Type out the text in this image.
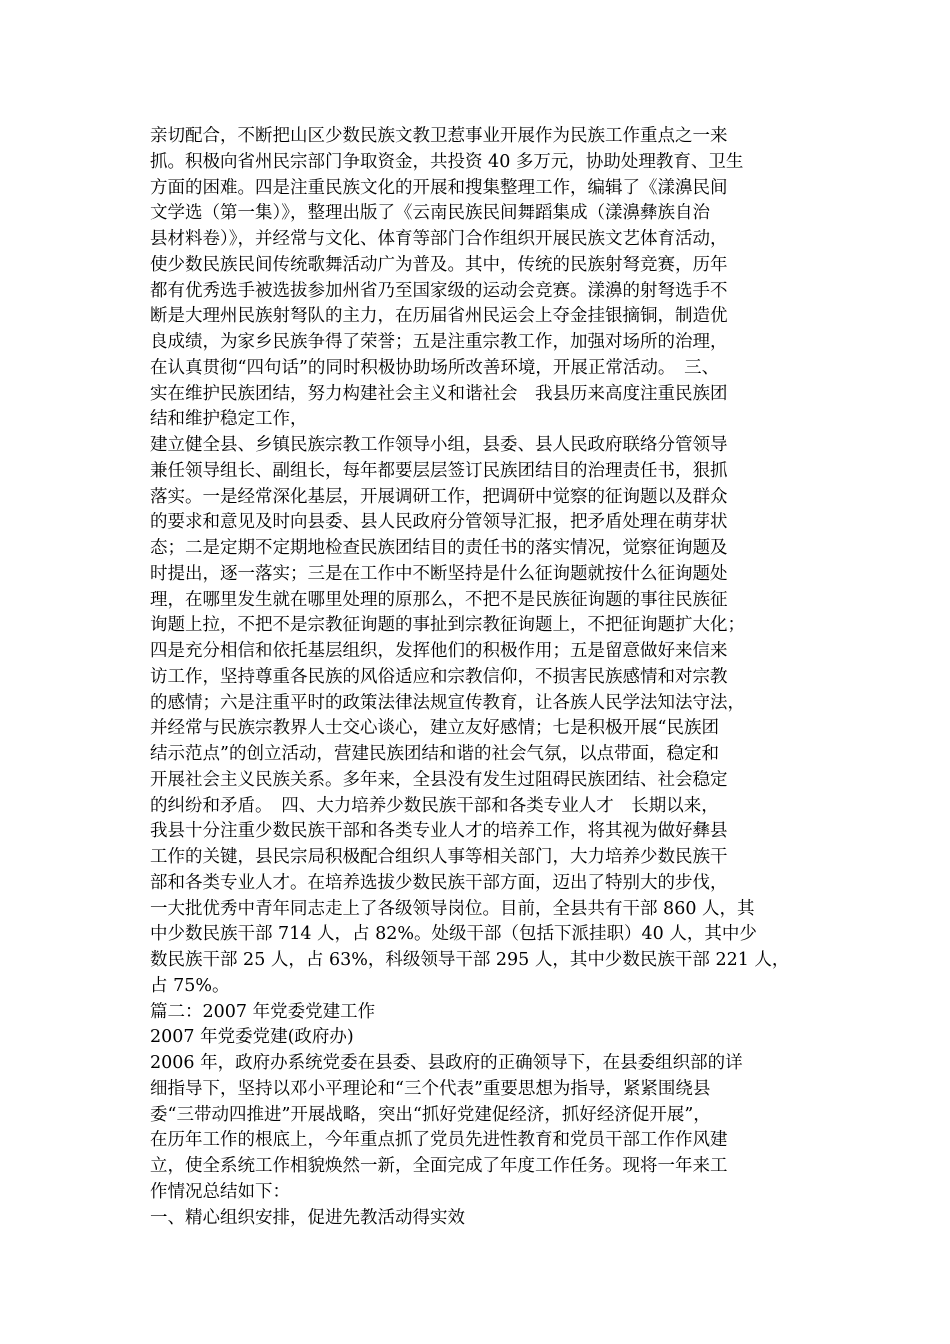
亲切配合，不断把山区少数民族文教卫惹事业开展作为民族工作重点之一来
抓。积极向省州民宗部门争取资金，共投资 40 多万元，协助处理教育、卫生
方面的困难。四是注重民族文化的开展和搜集整理工作，编辑了《漾濞民间
文学选（第一集）》，整理出版了《云南民族民间舞蹈集成（漾濞彝族自治
县材料卷）》，并经常与文化、体育等部门合作组织开展民族文艺体育活动，
使少数民族民间传统歌舞活动广为普及。其中，传统的民族射弩竞赛，历年
都有优秀选手被选拔参加州省乃至国家级的运动会竞赛。漾濞的射弩选手不
断是大理州民族射弩队的主力，在历届省州民运会上夺金挂银摘铜，制造优
良成绩，为家乡民族争得了荣誉；五是注重宗教工作，加强对场所的治理，
在认真贯彻“四句话”的同时积极协助场所改善环境，开展正常活动。　三、
实在维护民族团结，努力构建社会主义和谐社会　我县历来高度注重民族团
结和维护稳定工作，
建立健全县、乡镇民族宗教工作领导小组，县委、县人民政府联络分管领导
兼任领导组长、副组长，每年都要层层签订民族团结目的治理责任书，狠抓
落实。一是经常深化基层，开展调研工作，把调研中觉察的征询题以及群众
的要求和意见及时向县委、县人民政府分管领导汇报，把矛盾处理在萌芽状
态；二是定期不定期地检查民族团结目的责任书的落实情况，觉察征询题及
时提出，逐一落实；三是在工作中不断坚持是什么征询题就按什么征询题处
理，在哪里发生就在哪里处理的原那么，不把不是民族征询题的事往民族征
询题上拉，不把不是宗教征询题的事扯到宗教征询题上，不把征询题扩大化；
四是充分相信和依托基层组织，发挥他们的积极作用；五是留意做好来信来
访工作，坚持尊重各民族的风俗适应和宗教信仰，不损害民族感情和对宗教
的感情；六是注重平时的政策法律法规宣传教育，让各族人民学法知法守法，
并经常与民族宗教界人士交心谈心，建立友好感情；七是积极开展“民族团
结示范点”的创立活动，营建民族团结和谐的社会气氛，以点带面，稳定和
开展社会主义民族关系。多年来，全县没有发生过阻碍民族团结、社会稳定
的纠纷和矛盾。　四、大力培养少数民族干部和各类专业人才　长期以来，
我县十分注重少数民族干部和各类专业人才的培养工作，将其视为做好彝县
工作的关键，县民宗局积极配合组织人事等相关部门，大力培养少数民族干
部和各类专业人才。在培养选拔少数民族干部方面，迈出了特别大的步伐，
一大批优秀中青年同志走上了各级领导岗位。目前，全县共有干部 860 人，其
中少数民族干部 714 人，占 82%。处级干部（包括下派挂职）40 人，其中少
数民族干部 25 人，占 63%，科级领导干部 295 人，其中少数民族干部 221 人，
占 75%。
篇二：2007 年党委党建工作
2007 年党委党建(政府办)
2006 年，政府办系统党委在县委、县政府的正确领导下，在县委组织部的详
细指导下，坚持以邓小平理论和“三个代表”重要思想为指导，紧紧围绕县
委“三带动四推进”开展战略，突出“抓好党建促经济，抓好经济促开展”，
在历年工作的根底上，今年重点抓了党员先进性教育和党员干部工作作风建
立，使全系统工作相貌焕然一新，全面完成了年度工作任务。现将一年来工
作情况总结如下：
一、精心组织安排，促进先教活动得实效
